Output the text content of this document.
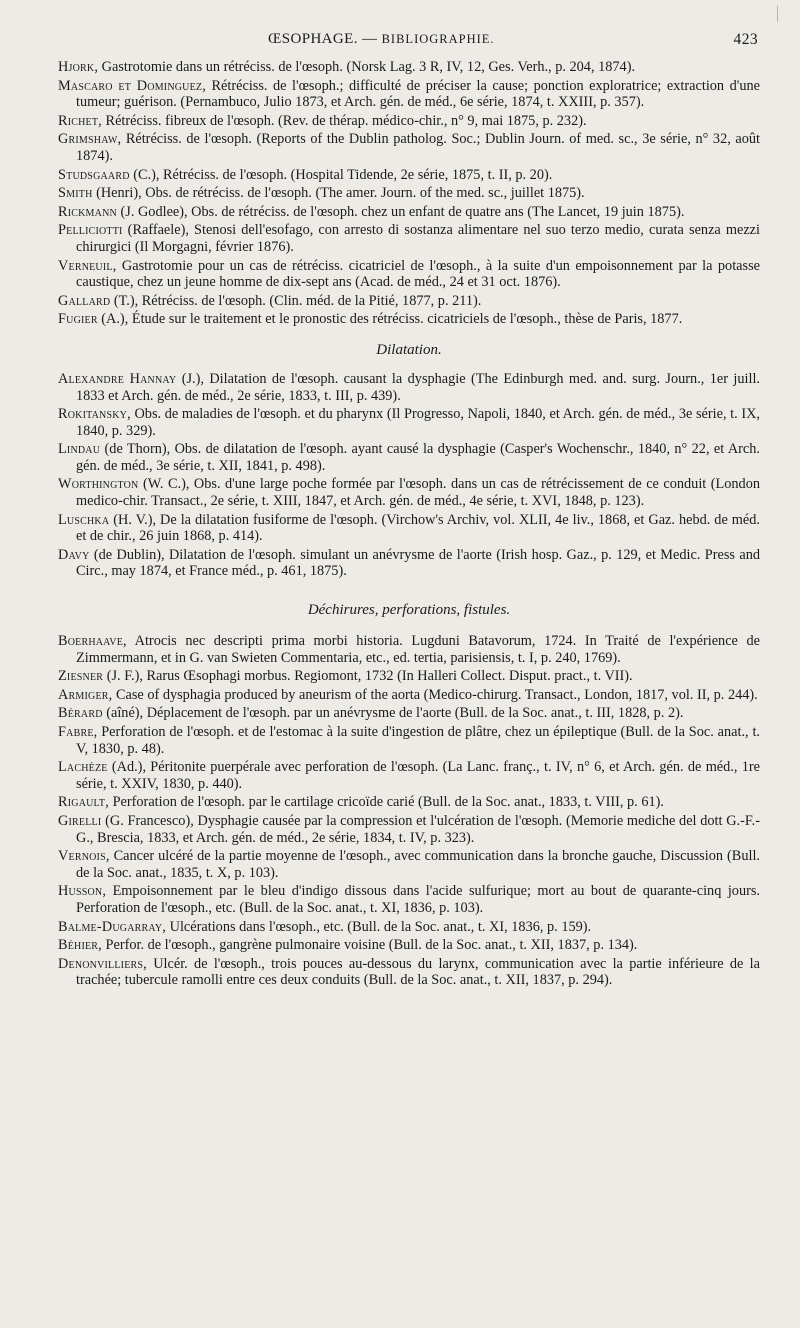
ŒSOPHAGE. — BIBLIOGRAPHIE.	423

Hjork, Gastrotomie dans un rétréciss. de l'œsoph. (Norsk Lag. 3 R, IV, 12, Ges. Verh., p. 204, 1874).

Mascaro et Dominguez, Rétréciss. de l'œsoph.; difficulté de préciser la cause; ponction exploratrice; extraction d'une tumeur; guérison. (Pernambuco, Julio 1873, et Arch. gén. de méd., 6e série, 1874, t. XXIII, p. 357).

Richet, Rétréciss. fibreux de l'œsoph. (Rev. de thérap. médico-chir., n° 9, mai 1875, p. 232).

Grimshaw, Rétréciss. de l'œsoph. (Reports of the Dublin patholog. Soc.; Dublin Journ. of med. sc., 3e série, n° 32, août 1874).

Studsgaard (C.), Rétréciss. de l'œsoph. (Hospital Tidende, 2e série, 1875, t. II, p. 20).

Smith (Henri), Obs. de rétréciss. de l'œsoph. (The amer. Journ. of the med. sc., juillet 1875).

Rickmann (J. Godlee), Obs. de rétréciss. de l'œsoph. chez un enfant de quatre ans (The Lancet, 19 juin 1875).

Pelliciotti (Raffaele), Stenosi dell'esofago, con arresto di sostanza alimentare nel suo terzo medio, curata senza mezzi chirurgici (Il Morgagni, février 1876).

Verneuil, Gastrotomie pour un cas de rétréciss. cicatriciel de l'œsoph., à la suite d'un empoisonnement par la potasse caustique, chez un jeune homme de dix-sept ans (Acad. de méd., 24 et 31 oct. 1876).

Gallard (T.), Rétréciss. de l'œsoph. (Clin. méd. de la Pitié, 1877, p. 211).

Fugier (A.), Étude sur le traitement et le pronostic des rétréciss. cicatriciels de l'œsoph., thèse de Paris, 1877.

Dilatation.

Alexandre Hannay (J.), Dilatation de l'œsoph. causant la dysphagie (The Edinburgh med. and. surg. Journ., 1er juill. 1833 et Arch. gén. de méd., 2e série, 1833, t. III, p. 439).

Rokitansky, Obs. de maladies de l'œsoph. et du pharynx (Il Progresso, Napoli, 1840, et Arch. gén. de méd., 3e série, t. IX, 1840, p. 329).

Lindau (de Thorn), Obs. de dilatation de l'œsoph. ayant causé la dysphagie (Casper's Wochenschr., 1840, n° 22, et Arch. gén. de méd., 3e série, t. XII, 1841, p. 498).

Worthington (W. C.), Obs. d'une large poche formée par l'œsoph. dans un cas de rétrécissement de ce conduit (London medico-chir. Transact., 2e série, t. XIII, 1847, et Arch. gén. de méd., 4e série, t. XVI, 1848, p. 123).

Luschka (H. V.), De la dilatation fusiforme de l'œsoph. (Virchow's Archiv, vol. XLII, 4e liv., 1868, et Gaz. hebd. de méd. et de chir., 26 juin 1868, p. 414).

Davy (de Dublin), Dilatation de l'œsoph. simulant un anévrysme de l'aorte (Irish hosp. Gaz., p. 129, et Medic. Press and Circ., may 1874, et France méd., p. 461, 1875).

Déchirures, perforations, fistules.

Boerhaave, Atrocis nec descripti prima morbi historia. Lugduni Batavorum, 1724. In Traité de l'expérience de Zimmermann, et in G. van Swieten Commentaria, etc., ed. tertia, parisiensis, t. I, p. 240, 1769).

Ziesner (J. F.), Rarus Œsophagi morbus. Regiomont, 1732 (In Halleri Collect. Disput. pract., t. VII).

Armiger, Case of dysphagia produced by aneurism of the aorta (Medico-chirurg. Transact., London, 1817, vol. II, p. 244).

Bérard (aîné), Déplacement de l'œsoph. par un anévrysme de l'aorte (Bull. de la Soc. anat., t. III, 1828, p. 2).

Fabre, Perforation de l'œsoph. et de l'estomac à la suite d'ingestion de plâtre, chez un épileptique (Bull. de la Soc. anat., t. V, 1830, p. 48).

Lachèze (Ad.), Péritonite puerpérale avec perforation de l'œsoph. (La Lanc. franç., t. IV, n° 6, et Arch. gén. de méd., 1re série, t. XXIV, 1830, p. 440).

Rigault, Perforation de l'œsoph. par le cartilage cricoïde carié (Bull. de la Soc. anat., 1833, t. VIII, p. 61).

Girelli (G. Francesco), Dysphagie causée par la compression et l'ulcération de l'œsoph. (Memorie mediche del dott G.-F.-G., Brescia, 1833, et Arch. gén. de méd., 2e série, 1834, t. IV, p. 323).

Vernois, Cancer ulcéré de la partie moyenne de l'œsoph., avec communication dans la bronche gauche, Discussion (Bull. de la Soc. anat., 1835, t. X, p. 103).

Husson, Empoisonnement par le bleu d'indigo dissous dans l'acide sulfurique; mort au bout de quarante-cinq jours. Perforation de l'œsoph., etc. (Bull. de la Soc. anat., t. XI, 1836, p. 103).

Balme-Dugarray, Ulcérations dans l'œsoph., etc. (Bull. de la Soc. anat., t. XI, 1836, p. 159).

Béhier, Perfor. de l'œsoph., gangrène pulmonaire voisine (Bull. de la Soc. anat., t. XII, 1837, p. 134).

Denonvilliers, Ulcér. de l'œsoph., trois pouces au-dessous du larynx, communication avec la partie inférieure de la trachée; tubercule ramolli entre ces deux conduits (Bull. de la Soc. anat., t. XII, 1837, p. 294).
